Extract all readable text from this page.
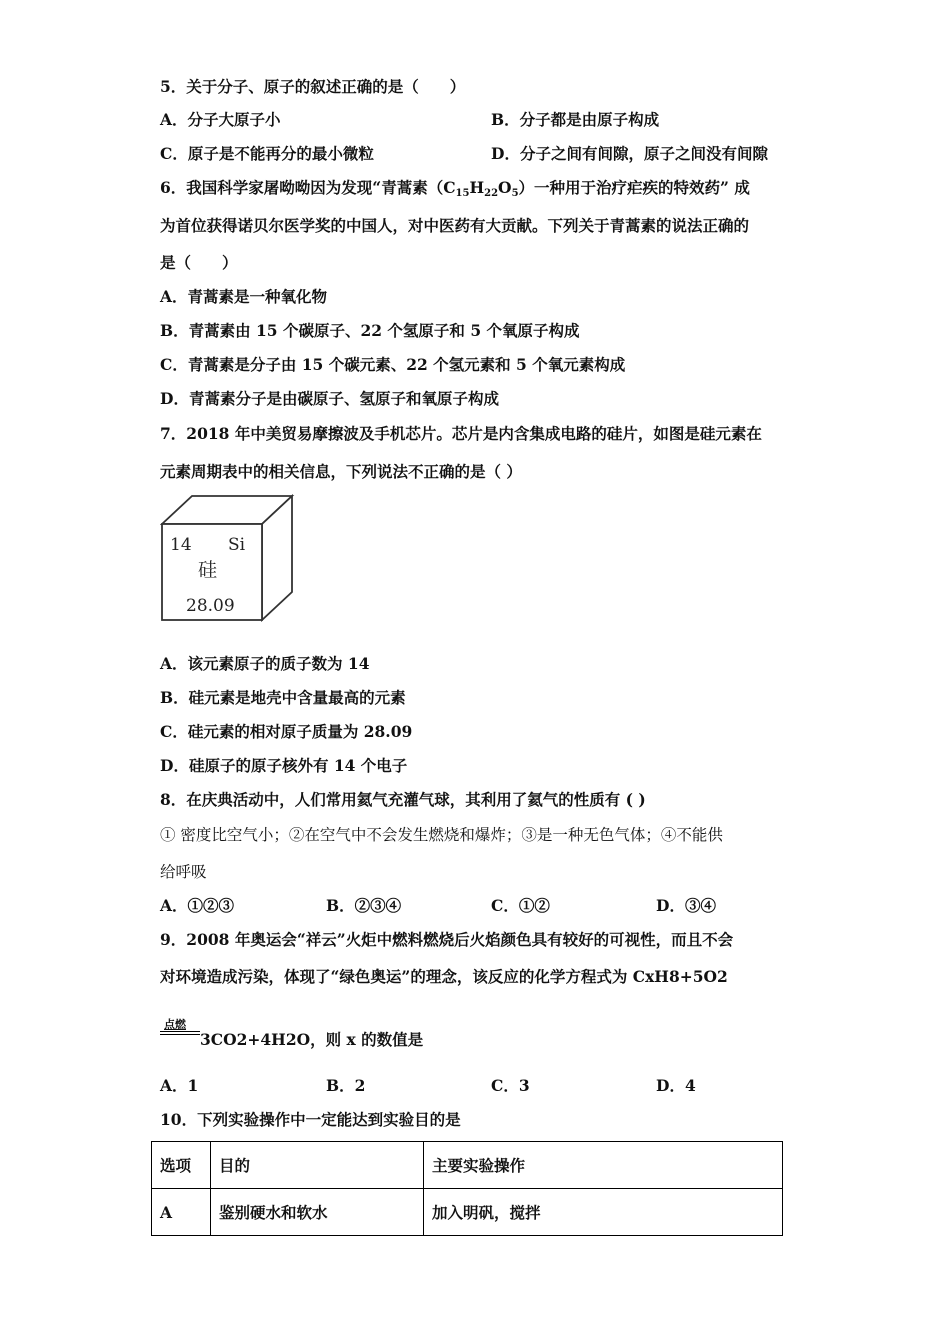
5．关于分子、原子的叙述正确的是（　　）
A．分子大原子小	B．分子都是由原子构成
C．原子是不能再分的最小微粒	D．分子之间有间隙，原子之间没有间隙
6．我国科学家屠呦呦因为发现“青蒿素$(C_{15}H_{22}O_5)$一种用于治疗疟疾的特效药” 成
为首位获得诺贝尔医学奖的中国人，对中医药有大贡献。下列关于青蒿素的说法正确的
是（　　）
A．青蒿素是一种氧化物
B．青蒿素由 15 个碳原子、22 个氢原子和 5 个氧原子构成
C．青蒿素是分子由 15 个碳元素、22 个氢元素和 5 个氧元素构成
D．青蒿素分子是由碳原子、氢原子和氧原子构成
7．2018 年中美贸易摩擦波及手机芯片。芯片是内含集成电路的硅片，如图是硅元素在
元素周期表中的相关信息，下列说法不正确的是（ ）
14 Si
硅
28.09
A．该元素原子的质子数为 14
B．硅元素是地壳中含量最高的元素
C．硅元素的相对原子质量为 28.09
D．硅原子的原子核外有 14 个电子
8．在庆典活动中，人们常用氦气充灌气球，其利用了氦气的性质有 ( )
① 密度比空气小；②在空气中不会发生燃烧和爆炸；③是一种无色气体；④不能供
给呼吸
A．①②③	B．②③④	C．①②	D．③④
9．2008 年奥运会“祥云”火炬中燃料燃烧后火焰颜色具有较好的可视性，而且不会
对环境造成污染，体现了“绿色奥运”的理念，该反应的化学方程式为 CxH8+5O2
点燃
3CO2+4H2O，则 x 的数值是
A．1	B．2	C．3	D．4
10．下列实验操作中一定能达到实验目的是
选项	目的	主要实验操作
A	鉴别硬水和软水	加入明矾，搅拌
